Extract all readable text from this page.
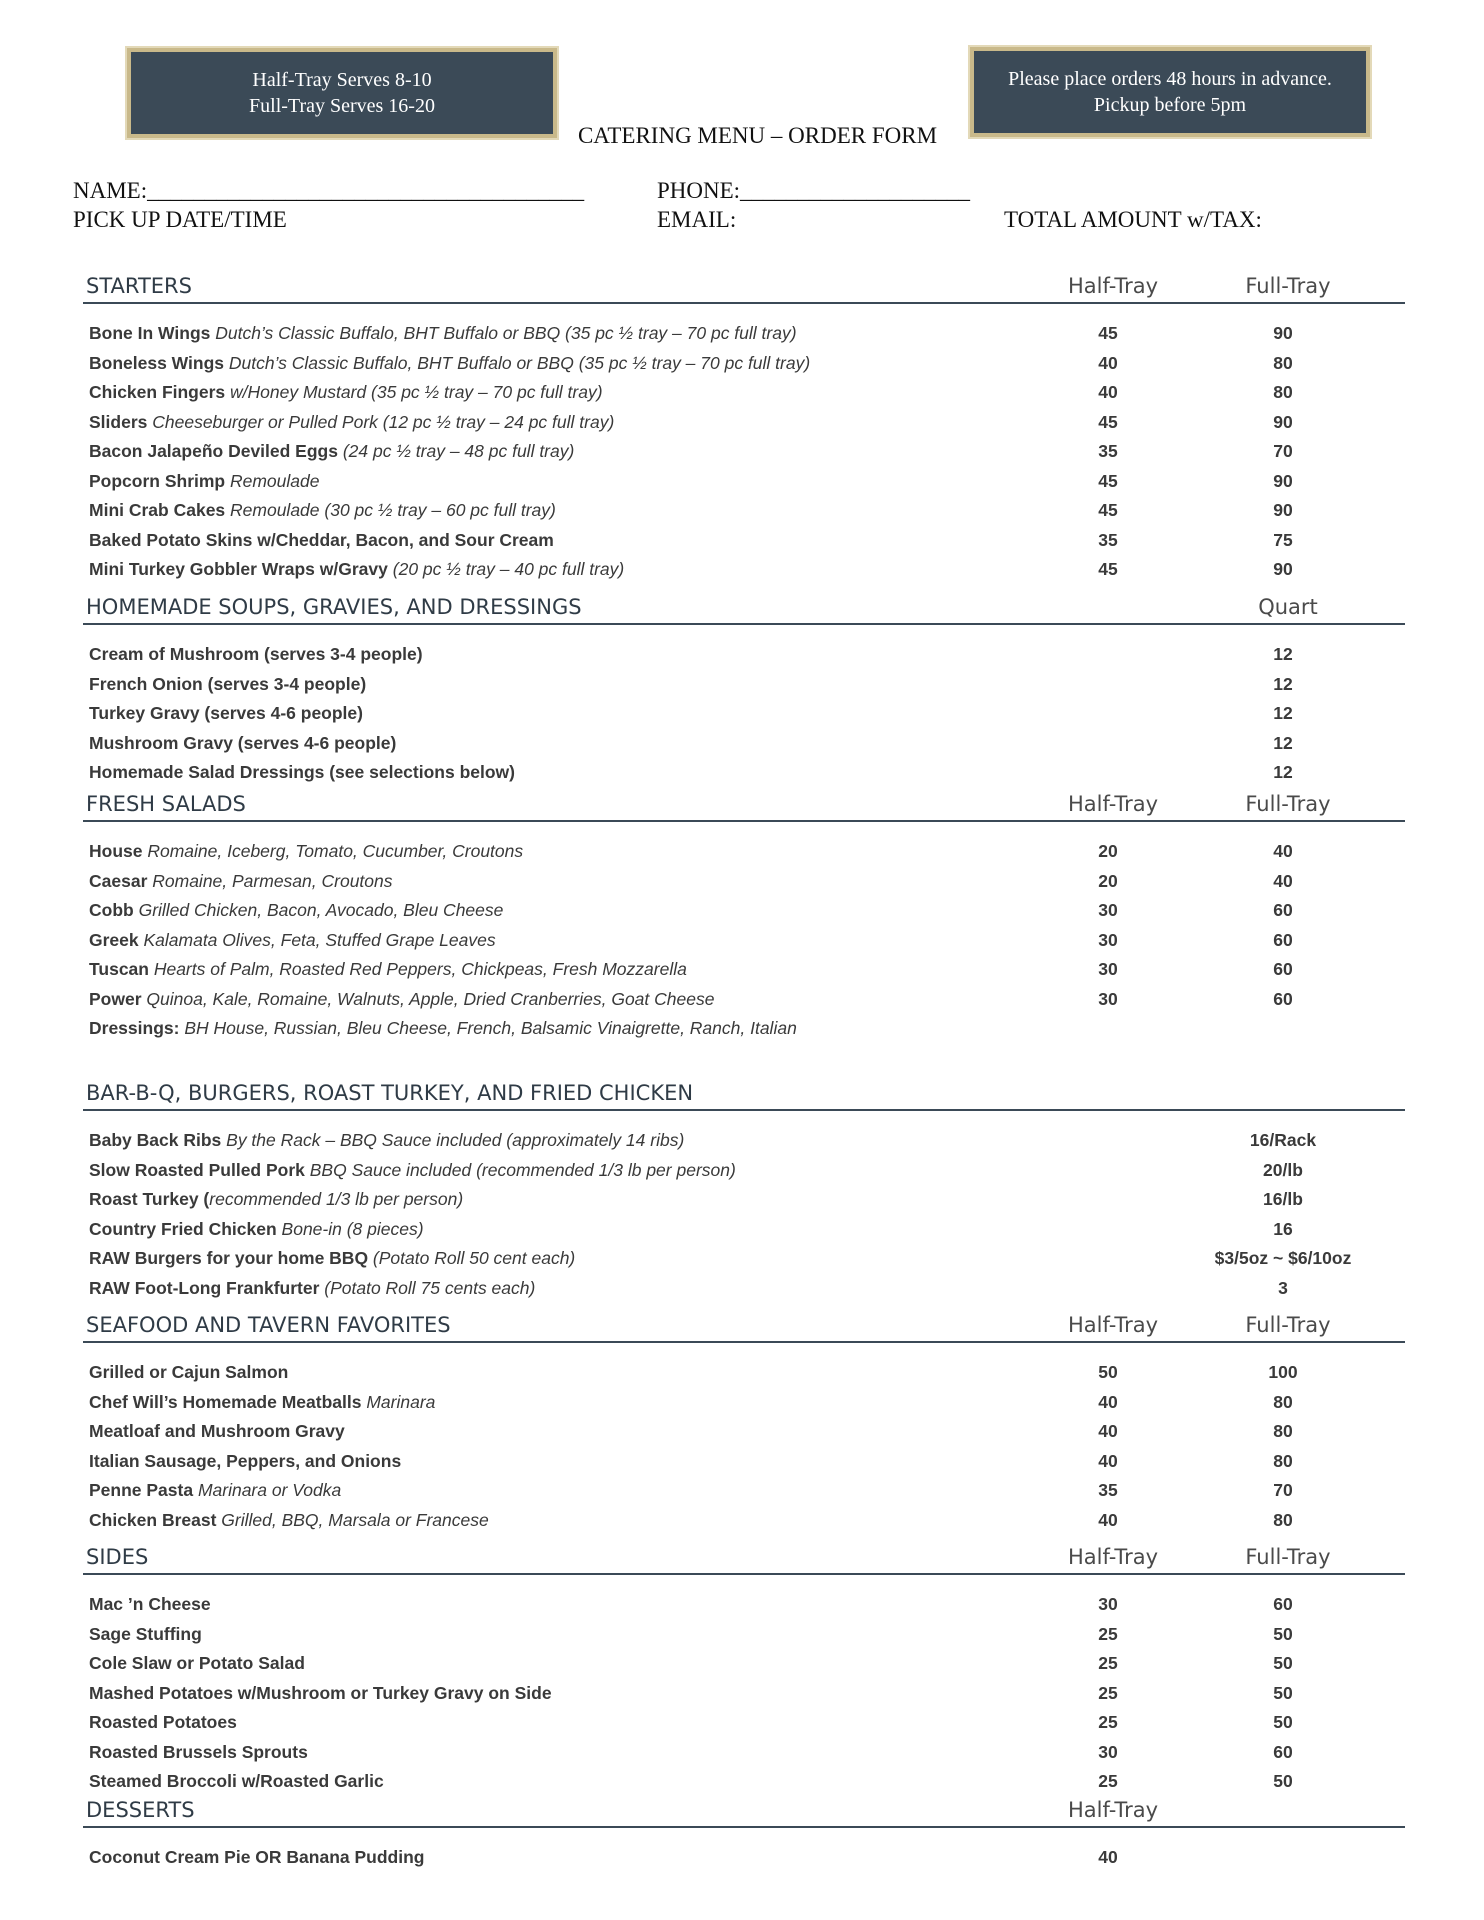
Half-Tray Serves 8-10
Full-Tray Serves 16-20
Please place orders 48 hours in advance.
Pickup before 5pm
CATERING MENU – ORDER FORM
NAME:______________________________________	PHONE:____________________
PICK UP DATE/TIME	EMAIL:	TOTAL AMOUNT w/TAX:
STARTERS	Half-Tray	Full-Tray
Bone In Wings Dutch’s Classic Buffalo, BHT Buffalo or BBQ (35 pc ½ tray – 70 pc full tray)	45	90
Boneless Wings Dutch’s Classic Buffalo, BHT Buffalo or BBQ (35 pc ½ tray – 70 pc full tray)	40	80
Chicken Fingers w/Honey Mustard (35 pc ½ tray – 70 pc full tray)	40	80
Sliders Cheeseburger or Pulled Pork (12 pc ½ tray – 24 pc full tray)	45	90
Bacon Jalapeño Deviled Eggs (24 pc ½ tray – 48 pc full tray)	35	70
Popcorn Shrimp Remoulade	45	90
Mini Crab Cakes Remoulade (30 pc ½ tray – 60 pc full tray)	45	90
Baked Potato Skins w/Cheddar, Bacon, and Sour Cream	35	75
Mini Turkey Gobbler Wraps w/Gravy (20 pc ½ tray – 40 pc full tray)	45	90
HOMEMADE SOUPS, GRAVIES, AND DRESSINGS	Quart
Cream of Mushroom (serves 3-4 people)	12
French Onion (serves 3-4 people)	12
Turkey Gravy (serves 4-6 people)	12
Mushroom Gravy (serves 4-6 people)	12
Homemade Salad Dressings (see selections below)	12
FRESH SALADS	Half-Tray	Full-Tray
House Romaine, Iceberg, Tomato, Cucumber, Croutons	20	40
Caesar Romaine, Parmesan, Croutons	20	40
Cobb Grilled Chicken, Bacon, Avocado, Bleu Cheese	30	60
Greek Kalamata Olives, Feta, Stuffed Grape Leaves	30	60
Tuscan Hearts of Palm, Roasted Red Peppers, Chickpeas, Fresh Mozzarella	30	60
Power Quinoa, Kale, Romaine, Walnuts, Apple, Dried Cranberries, Goat Cheese	30	60
Dressings: BH House, Russian, Bleu Cheese, French, Balsamic Vinaigrette, Ranch, Italian
BAR-B-Q, BURGERS, ROAST TURKEY, AND FRIED CHICKEN
Baby Back Ribs By the Rack – BBQ Sauce included (approximately 14 ribs)	16/Rack
Slow Roasted Pulled Pork BBQ Sauce included (recommended 1/3 lb per person)	20/lb
Roast Turkey (recommended 1/3 lb per person)	16/lb
Country Fried Chicken Bone-in (8 pieces)	16
RAW Burgers for your home BBQ (Potato Roll 50 cent each)	$3/5oz ~ $6/10oz
RAW Foot-Long Frankfurter (Potato Roll 75 cents each)	3
SEAFOOD AND TAVERN FAVORITES	Half-Tray	Full-Tray
Grilled or Cajun Salmon	50	100
Chef Will’s Homemade Meatballs Marinara	40	80
Meatloaf and Mushroom Gravy	40	80
Italian Sausage, Peppers, and Onions	40	80
Penne Pasta Marinara or Vodka	35	70
Chicken Breast Grilled, BBQ, Marsala or Francese	40	80
SIDES	Half-Tray	Full-Tray
Mac ’n Cheese	30	60
Sage Stuffing	25	50
Cole Slaw or Potato Salad	25	50
Mashed Potatoes w/Mushroom or Turkey Gravy on Side	25	50
Roasted Potatoes	25	50
Roasted Brussels Sprouts	30	60
Steamed Broccoli w/Roasted Garlic	25	50
DESSERTS	Half-Tray
Coconut Cream Pie OR Banana Pudding	40
